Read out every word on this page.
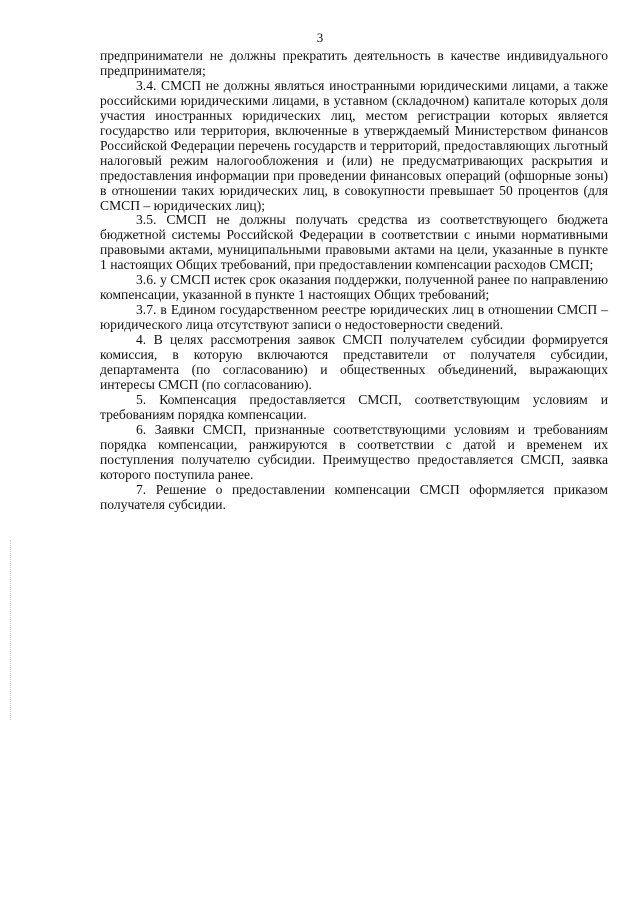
3

предприниматели не должны прекратить деятельность в качестве индивидуального предпринимателя;

3.4. СМСП не должны являться иностранными юридическими лицами, а также российскими юридическими лицами, в уставном (складочном) капитале которых доля участия иностранных юридических лиц, местом регистрации которых является государство или территория, включенные в утверждаемый Министерством финансов Российской Федерации перечень государств и территорий, предоставляющих льготный налоговый режим налогообложения и (или) не предусматривающих раскрытия и предоставления информации при проведении финансовых операций (офшорные зоны) в отношении таких юридических лиц, в совокупности превышает 50 процентов (для СМСП – юридических лиц);

3.5. СМСП не должны получать средства из соответствующего бюджета бюджетной системы Российской Федерации в соответствии с иными нормативными правовыми актами, муниципальными правовыми актами на цели, указанные в пункте 1 настоящих Общих требований, при предоставлении компенсации расходов СМСП;

3.6. у СМСП истек срок оказания поддержки, полученной ранее по направлению компенсации, указанной в пункте 1 настоящих Общих требований;

3.7. в Едином государственном реестре юридических лиц в отношении СМСП – юридического лица отсутствуют записи о недостоверности сведений.

4. В целях рассмотрения заявок СМСП получателем субсидии формируется комиссия, в которую включаются представители от получателя субсидии, департамента (по согласованию) и общественных объединений, выражающих интересы СМСП (по согласованию).

5. Компенсация предоставляется СМСП, соответствующим условиям и требованиям порядка компенсации.

6. Заявки СМСП, признанные соответствующими условиям и требованиям порядка компенсации, ранжируются в соответствии с датой и временем их поступления получателю субсидии. Преимущество предоставляется СМСП, заявка которого поступила ранее.

7. Решение о предоставлении компенсации СМСП оформляется приказом получателя субсидии.
